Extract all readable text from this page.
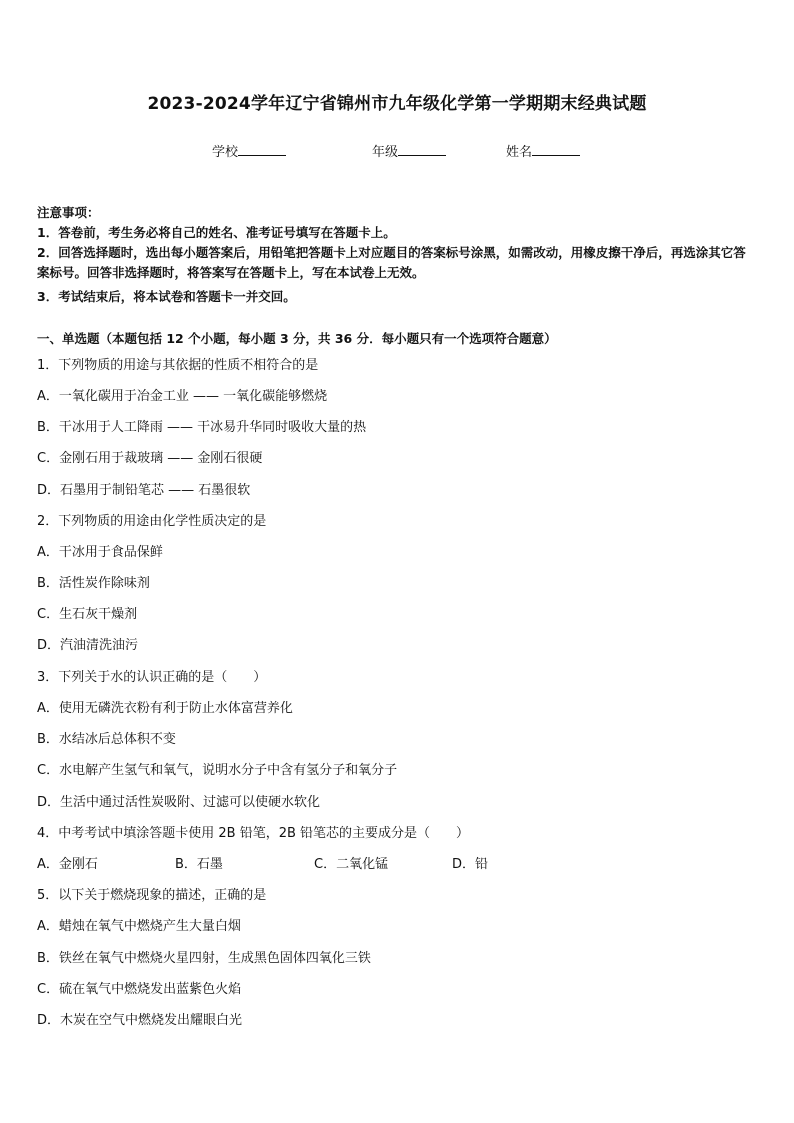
2023-2024学年辽宁省锦州市九年级化学第一学期期末经典试题
学校	年级	姓名
注意事项：
1．答卷前，考生务必将自己的姓名、准考证号填写在答题卡上。
2．回答选择题时，选出每小题答案后，用铅笔把答题卡上对应题目的答案标号涂黑，如需改动，用橡皮擦干净后，再选涂其它答案标号。回答非选择题时，将答案写在答题卡上，写在本试卷上无效。
3．考试结束后，将本试卷和答题卡一并交回。
一、单选题（本题包括 12 个小题，每小题 3 分，共 36 分．每小题只有一个选项符合题意）
1．下列物质的用途与其依据的性质不相符合的是
A．一氧化碳用于冶金工业 —— 一氧化碳能够燃烧
B．干冰用于人工降雨 —— 干冰易升华同时吸收大量的热
C．金刚石用于裁玻璃 —— 金刚石很硬
D．石墨用于制铅笔芯 —— 石墨很软
2．下列物质的用途由化学性质决定的是
A．干冰用于食品保鲜
B．活性炭作除味剂
C．生石灰干燥剂
D．汽油清洗油污
3．下列关于水的认识正确的是（　　）
A．使用无磷洗衣粉有利于防止水体富营养化
B．水结冰后总体积不变
C．水电解产生氢气和氧气，说明水分子中含有氢分子和氧分子
D．生活中通过活性炭吸附、过滤可以使硬水软化
4．中考考试中填涂答题卡使用 2B 铅笔，2B 铅笔芯的主要成分是（　　）
A．金刚石	B．石墨	C．二氧化锰	D．铅
5．以下关于燃烧现象的描述，正确的是
A．蜡烛在氧气中燃烧产生大量白烟
B．铁丝在氧气中燃烧火星四射，生成黑色固体四氧化三铁
C．硫在氧气中燃烧发出蓝紫色火焰
D．木炭在空气中燃烧发出耀眼白光
